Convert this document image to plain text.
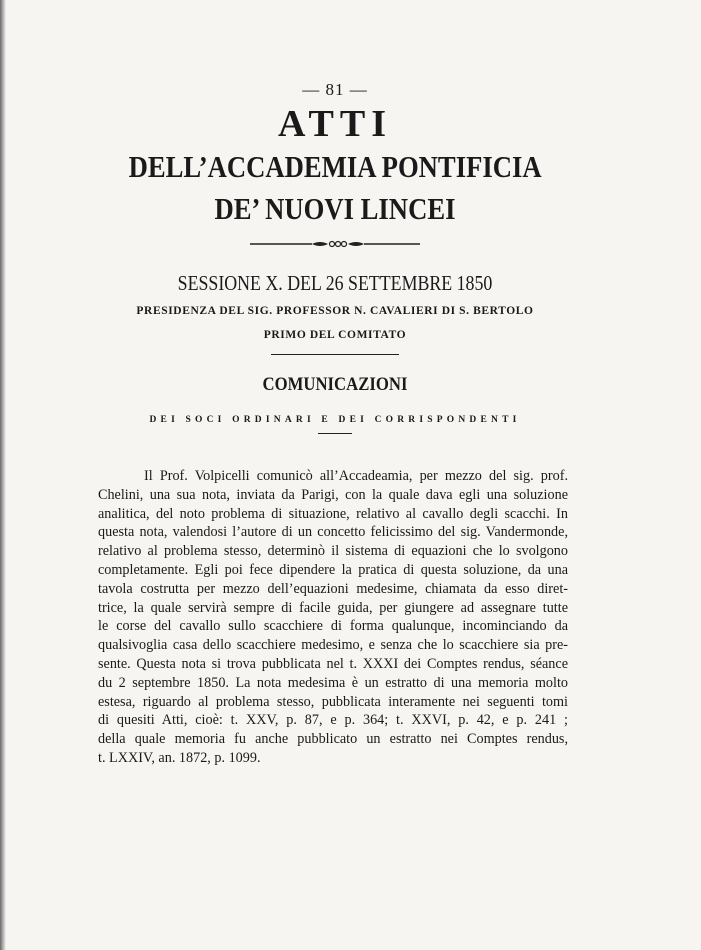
— 81 —
ATTI
DELL’ACCADEMIA PONTIFICIA
DE’ NUOVI LINCEI
SESSIONE X. DEL 26 SETTEMBRE 1850
PRESIDENZA DEL SIG. PROFESSOR N. CAVALIERI DI S. BERTOLO
PRIMO DEL COMITATO
COMUNICAZIONI
DEI SOCI ORDINARI E DEI CORRISPONDENTI
Il Prof. Volpicelli comunicò all’Accadeamia, per mezzo del sig. prof.
Chelini, una sua nota, inviata da Parigi, con la quale dava egli una soluzione
analitica, del noto problema di situazione, relativo al cavallo degli scacchi. In
questa nota, valendosi l’autore di un concetto felicissimo del sig. Vandermonde,
relativo al problema stesso, determinò il sistema di equazioni che lo svolgono
completamente. Egli poi fece dipendere la pratica di questa soluzione, da una
tavola costrutta per mezzo dell’equazioni medesime, chiamata da esso diret-
trice, la quale servirà sempre di facile guida, per giungere ad assegnare tutte
le corse del cavallo sullo scacchiere di forma qualunque, incominciando da
qualsivoglia casa dello scacchiere medesimo, e senza che lo scacchiere sia pre-
sente. Questa nota si trova pubblicata nel t. XXXI dei Comptes rendus, séance
du 2 septembre 1850. La nota medesima è un estratto di una memoria molto
estesa, riguardo al problema stesso, pubblicata interamente nei seguenti tomi
di quesiti Atti, cioè: t. XXV, p. 87, e p. 364; t. XXVI, p. 42, e p. 241 ;
della quale memoria fu anche pubblicato un estratto nei Comptes rendus,
t. LXXIV, an. 1872, p. 1099.
